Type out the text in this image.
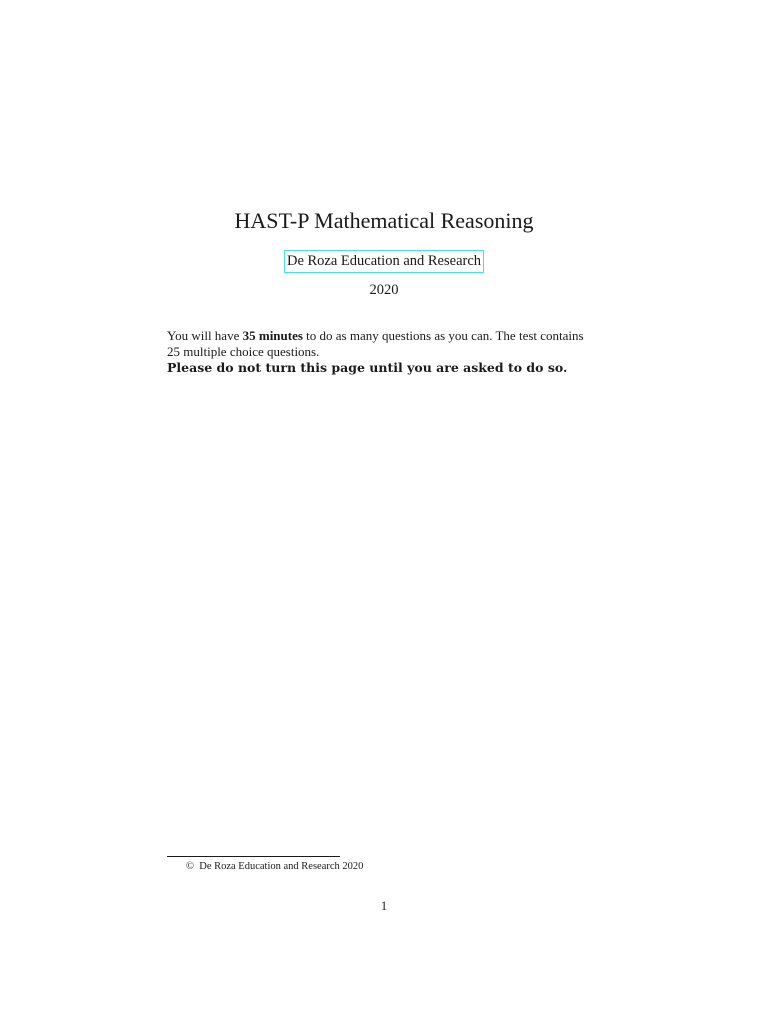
HAST-P Mathematical Reasoning
De Roza Education and Research
2020

You will have 35 minutes to do as many questions as you can. The test contains
25 multiple choice questions.

Please do not turn this page until you are asked to do so.

© De Roza Education and Research 2020
1
